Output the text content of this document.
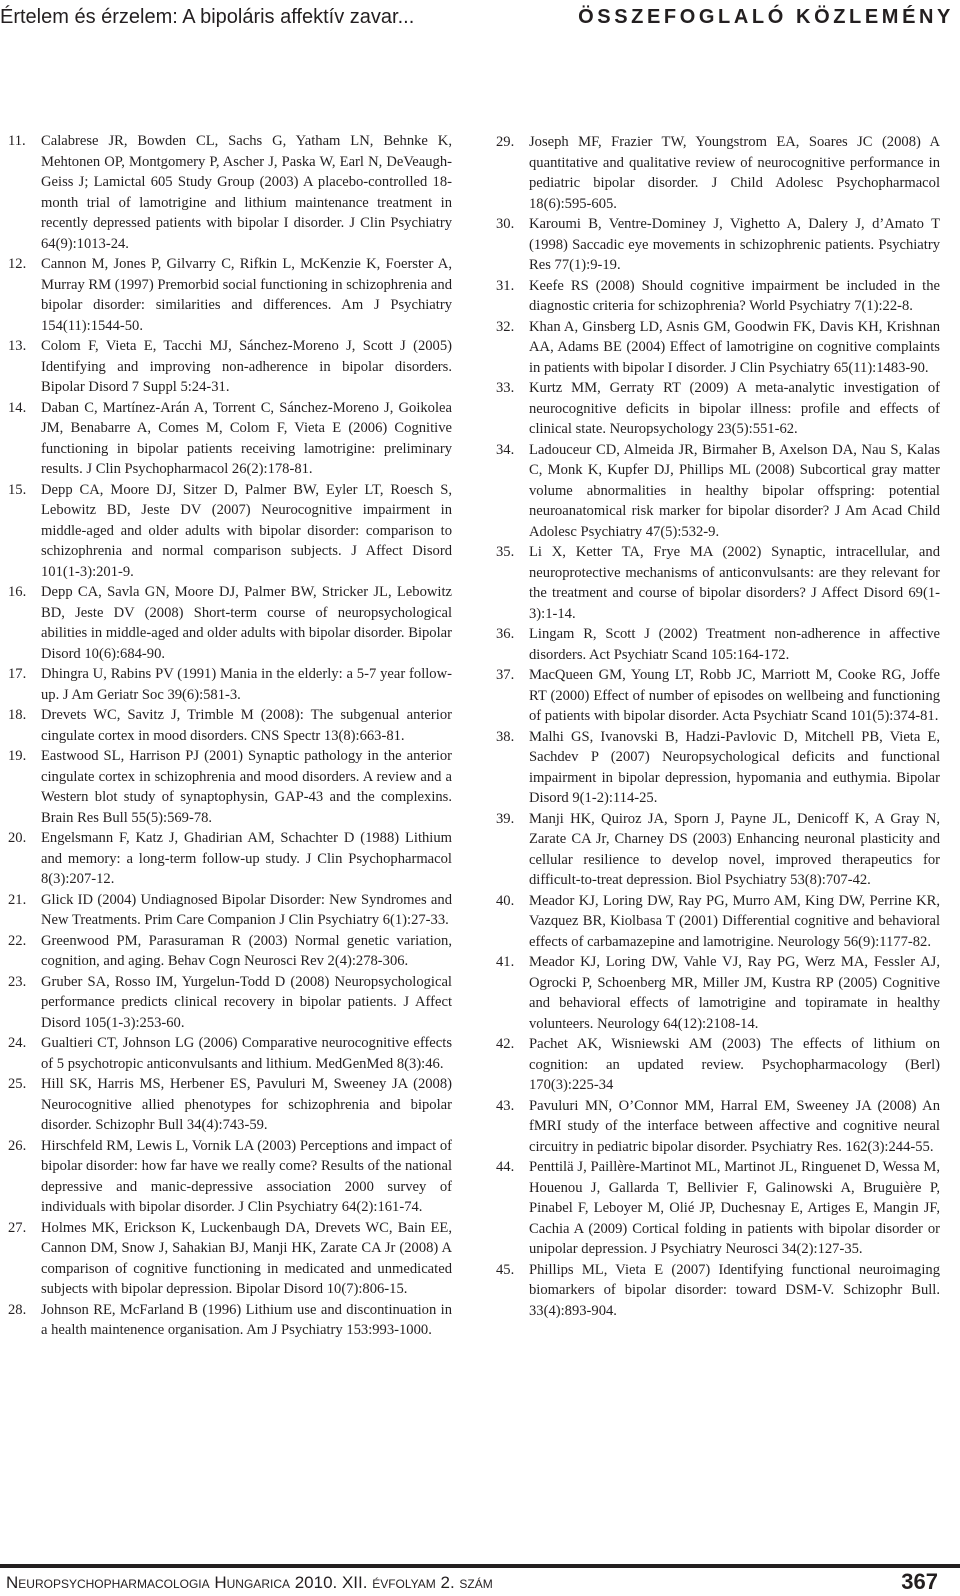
Értelem és érzelem: A bipoláris affektív zavar...	ÖSSZEFOGLALÓ KÖZLEMÉNY
11.	Calabrese JR, Bowden CL, Sachs G, Yatham LN, Behnke K, Mehtonen OP, Montgomery P, Ascher J, Paska W, Earl N, DeVeaugh-Geiss J; Lamictal 605 Study Group (2003) A placebo-controlled 18-month trial of lamotrigine and lithium maintenance treatment in recently depressed patients with bipolar I disorder. J Clin Psychiatry 64(9):1013-24.
12.	Cannon M, Jones P, Gilvarry C, Rifkin L, McKenzie K, Foerster A, Murray RM (1997) Premorbid social functioning in schizophrenia and bipolar disorder: similarities and differences. Am J Psychiatry 154(11):1544-50.
13.	Colom F, Vieta E, Tacchi MJ, Sánchez-Moreno J, Scott J (2005) Identifying and improving non-adherence in bipolar disorders. Bipolar Disord 7 Suppl 5:24-31.
14.	Daban C, Martínez-Arán A, Torrent C, Sánchez-Moreno J, Goikolea JM, Benabarre A, Comes M, Colom F, Vieta E (2006) Cognitive functioning in bipolar patients receiving lamotrigine: preliminary results. J Clin Psychopharmacol 26(2):178-81.
15.	Depp CA, Moore DJ, Sitzer D, Palmer BW, Eyler LT, Roesch S, Lebowitz BD, Jeste DV (2007) Neurocognitive impairment in middle-aged and older adults with bipolar disorder: comparison to schizophrenia and normal comparison subjects. J Affect Disord 101(1-3):201-9.
16.	Depp CA, Savla GN, Moore DJ, Palmer BW, Stricker JL, Lebowitz BD, Jeste DV (2008) Short-term course of neuropsychological abilities in middle-aged and older adults with bipolar disorder. Bipolar Disord 10(6):684-90.
17.	Dhingra U, Rabins PV (1991) Mania in the elderly: a 5-7 year follow-up. J Am Geriatr Soc 39(6):581-3.
18.	Drevets WC, Savitz J, Trimble M (2008): The subgenual anterior cingulate cortex in mood disorders. CNS Spectr 13(8):663-81.
19.	Eastwood SL, Harrison PJ (2001) Synaptic pathology in the anterior cingulate cortex in schizophrenia and mood disorders. A review and a Western blot study of synaptophysin, GAP-43 and the complexins. Brain Res Bull 55(5):569-78.
20.	Engelsmann F, Katz J, Ghadirian AM, Schachter D (1988) Lithium and memory: a long-term follow-up study. J Clin Psychopharmacol 8(3):207-12.
21.	Glick ID (2004) Undiagnosed Bipolar Disorder: New Syndromes and New Treatments. Prim Care Companion J Clin Psychiatry 6(1):27-33.
22.	Greenwood PM, Parasuraman R (2003) Normal genetic variation, cognition, and aging. Behav Cogn Neurosci Rev 2(4):278-306.
23.	Gruber SA, Rosso IM, Yurgelun-Todd D (2008) Neuropsychological performance predicts clinical recovery in bipolar patients. J Affect Disord 105(1-3):253-60.
24.	Gualtieri CT, Johnson LG (2006) Comparative neurocognitive effects of 5 psychotropic anticonvulsants and lithium. MedGenMed 8(3):46.
25.	Hill SK, Harris MS, Herbener ES, Pavuluri M, Sweeney JA (2008) Neurocognitive allied phenotypes for schizophrenia and bipolar disorder. Schizophr Bull 34(4):743-59.
26.	Hirschfeld RM, Lewis L, Vornik LA (2003) Perceptions and impact of bipolar disorder: how far have we really come? Results of the national depressive and manic-depressive association 2000 survey of individuals with bipolar disorder. J Clin Psychiatry 64(2):161-74.
27.	Holmes MK, Erickson K, Luckenbaugh DA, Drevets WC, Bain EE, Cannon DM, Snow J, Sahakian BJ, Manji HK, Zarate CA Jr (2008) A comparison of cognitive functioning in medicated and unmedicated subjects with bipolar depression. Bipolar Disord 10(7):806-15.
28.	Johnson RE, McFarland B (1996) Lithium use and discontinuation in a health maintenence organisation. Am J Psychiatry 153:993-1000.
29.	Joseph MF, Frazier TW, Youngstrom EA, Soares JC (2008) A quantitative and qualitative review of neurocognitive performance in pediatric bipolar disorder. J Child Adolesc Psychopharmacol 18(6):595-605.
30.	Karoumi B, Ventre-Dominey J, Vighetto A, Dalery J, d’Amato T (1998) Saccadic eye movements in schizophrenic patients. Psychiatry Res 77(1):9-19.
31.	Keefe RS (2008) Should cognitive impairment be included in the diagnostic criteria for schizophrenia? World Psychiatry 7(1):22-8.
32.	Khan A, Ginsberg LD, Asnis GM, Goodwin FK, Davis KH, Krishnan AA, Adams BE (2004) Effect of lamotrigine on cognitive complaints in patients with bipolar I disorder. J Clin Psychiatry 65(11):1483-90.
33.	Kurtz MM, Gerraty RT (2009) A meta-analytic investigation of neurocognitive deficits in bipolar illness: profile and effects of clinical state. Neuropsychology 23(5):551-62.
34.	Ladouceur CD, Almeida JR, Birmaher B, Axelson DA, Nau S, Kalas C, Monk K, Kupfer DJ, Phillips ML (2008) Subcortical gray matter volume abnormalities in healthy bipolar offspring: potential neuroanatomical risk marker for bipolar disorder? J Am Acad Child Adolesc Psychiatry 47(5):532-9.
35.	Li X, Ketter TA, Frye MA (2002) Synaptic, intracellular, and neuroprotective mechanisms of anticonvulsants: are they relevant for the treatment and course of bipolar disorders? J Affect Disord 69(1-3):1-14.
36.	Lingam R, Scott J (2002) Treatment non-adherence in affective disorders. Act Psychiatr Scand 105:164-172.
37.	MacQueen GM, Young LT, Robb JC, Marriott M, Cooke RG, Joffe RT (2000) Effect of number of episodes on wellbeing and functioning of patients with bipolar disorder. Acta Psychiatr Scand 101(5):374-81.
38.	Malhi GS, Ivanovski B, Hadzi-Pavlovic D, Mitchell PB, Vieta E, Sachdev P (2007) Neuropsychological deficits and functional impairment in bipolar depression, hypomania and euthymia. Bipolar Disord 9(1-2):114-25.
39.	Manji HK, Quiroz JA, Sporn J, Payne JL, Denicoff K, A Gray N, Zarate CA Jr, Charney DS (2003) Enhancing neuronal plasticity and cellular resilience to develop novel, improved therapeutics for difficult-to-treat depression. Biol Psychiatry 53(8):707-42.
40.	Meador KJ, Loring DW, Ray PG, Murro AM, King DW, Perrine KR, Vazquez BR, Kiolbasa T (2001) Differential cognitive and behavioral effects of carbamazepine and lamotrigine. Neurology 56(9):1177-82.
41.	Meador KJ, Loring DW, Vahle VJ, Ray PG, Werz MA, Fessler AJ, Ogrocki P, Schoenberg MR, Miller JM, Kustra RP (2005) Cognitive and behavioral effects of lamotrigine and topiramate in healthy volunteers. Neurology 64(12):2108-14.
42.	Pachet AK, Wisniewski AM (2003) The effects of lithium on cognition: an updated review. Psychopharmacology (Berl) 170(3):225-34
43.	Pavuluri MN, O’Connor MM, Harral EM, Sweeney JA (2008) An fMRI study of the interface between affective and cognitive neural circuitry in pediatric bipolar disorder. Psychiatry Res. 162(3):244-55.
44.	Penttilä J, Paillère-Martinot ML, Martinot JL, Ringuenet D, Wessa M, Houenou J, Gallarda T, Bellivier F, Galinowski A, Bruguière P, Pinabel F, Leboyer M, Olié JP, Duchesnay E, Artiges E, Mangin JF, Cachia A (2009) Cortical folding in patients with bipolar disorder or unipolar depression. J Psychiatry Neurosci 34(2):127-35.
45.	Phillips ML, Vieta E (2007) Identifying functional neuroimaging biomarkers of bipolar disorder: toward DSM-V. Schizophr Bull. 33(4):893-904.
Neuropsychopharmacologia Hungarica 2010. XII. évfolyam 2. szám	367
